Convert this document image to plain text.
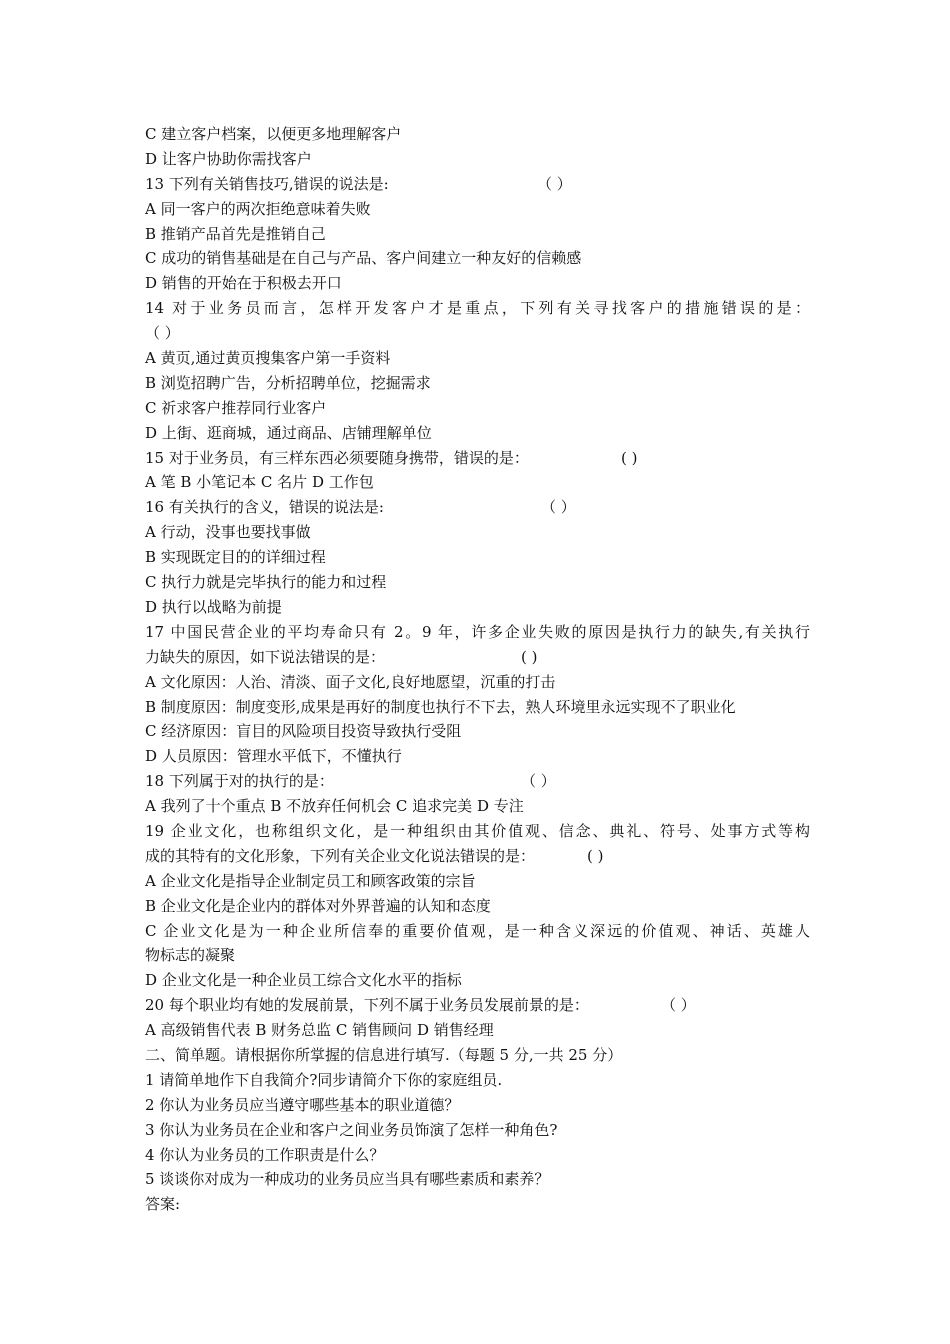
C 建立客户档案，以便更多地理解客户
D 让客户协助你需找客户
13 下列有关销售技巧,错误的说法是:	（ ）
A 同一客户的两次拒绝意味着失败
B 推销产品首先是推销自己
C 成功的销售基础是在自己与产品、客户间建立一种友好的信赖感
D 销售的开始在于积极去开口
14 对于业务员而言，怎样开发客户才是重点，下列有关寻找客户的措施错误的是：
（ ）
A 黄页,通过黄页搜集客户第一手资料
B 浏览招聘广告，分析招聘单位，挖掘需求
C 祈求客户推荐同行业客户
D 上街、逛商城，通过商品、店铺理解单位
15 对于业务员，有三样东西必须要随身携带，错误的是：	( )
A 笔 B 小笔记本 C 名片 D 工作包
16 有关执行的含义，错误的说法是:	（ ）
A 行动，没事也要找事做
B 实现既定目的的详细过程
C 执行力就是完毕执行的能力和过程
D 执行以战略为前提
17 中国民营企业的平均寿命只有 2。9 年，许多企业失败的原因是执行力的缺失,有关执行
力缺失的原因，如下说法错误的是：	( )
A 文化原因：人治、清淡、面子文化,良好地愿望，沉重的打击
B 制度原因：制度变形,成果是再好的制度也执行不下去，熟人环境里永远实现不了职业化
C 经济原因：盲目的风险项目投资导致执行受阻
D 人员原因：管理水平低下，不懂执行
18 下列属于对的执行的是：	（ ）
A 我列了十个重点 B 不放弃任何机会 C 追求完美 D 专注
19 企业文化，也称组织文化，是一种组织由其价值观、信念、典礼、符号、处事方式等构
成的其特有的文化形象，下列有关企业文化说法错误的是：	( )
A 企业文化是指导企业制定员工和顾客政策的宗旨
B 企业文化是企业内的群体对外界普遍的认知和态度
C 企业文化是为一种企业所信奉的重要价值观，是一种含义深远的价值观、神话、英雄人
物标志的凝聚
D 企业文化是一种企业员工综合文化水平的指标
20 每个职业均有她的发展前景，下列不属于业务员发展前景的是：	（ ）
A 高级销售代表 B 财务总监 C 销售顾问 D 销售经理
二、简单题。请根据你所掌握的信息进行填写.（每题 5 分,一共 25 分）
1 请简单地作下自我简介?同步请简介下你的家庭组员.
2 你认为业务员应当遵守哪些基本的职业道德？
3 你认为业务员在企业和客户之间业务员饰演了怎样一种角色?
4 你认为业务员的工作职责是什么？
5 谈谈你对成为一种成功的业务员应当具有哪些素质和素养？
答案:
